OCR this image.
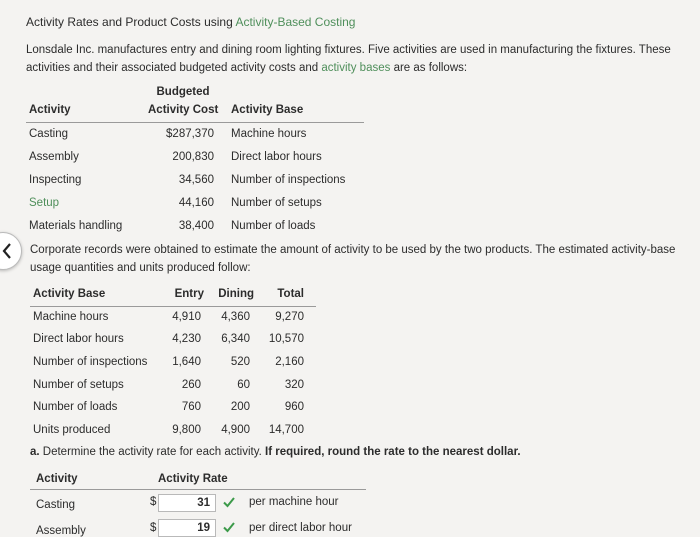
Activity Rates and Product Costs using Activity-Based Costing
Lonsdale Inc. manufactures entry and dining room lighting fixtures. Five activities are used in manufacturing the fixtures. These
activities and their associated budgeted activity costs and activity bases are as follows:
Budgeted
Activity	Activity Cost Activity Base
Casting	$287,370 Machine hours
Assembly	200,830 Direct labor hours
Inspecting	34,560 Number of inspections
Setup	44,160 Number of setups
Materials handling	38,400 Number of loads
Corporate records were obtained to estimate the amount of activity to be used by the two products. The estimated activity-base
usage quantities and units produced follow:
Activity Base	Entry	Dining	Total
Machine hours	4,910	4,360	9,270
Direct labor hours	4,230	6,340	10,570
Number of inspections	1,640	520	2,160
Number of setups	260	60	320
Number of loads	760	200	960
Units produced	9,800	4,900	14,700
a. Determine the activity rate for each activity. If required, round the rate to the nearest dollar.
Activity	Activity Rate
Casting	$	31	per machine hour
Assembly	$	19	per direct labor hour
